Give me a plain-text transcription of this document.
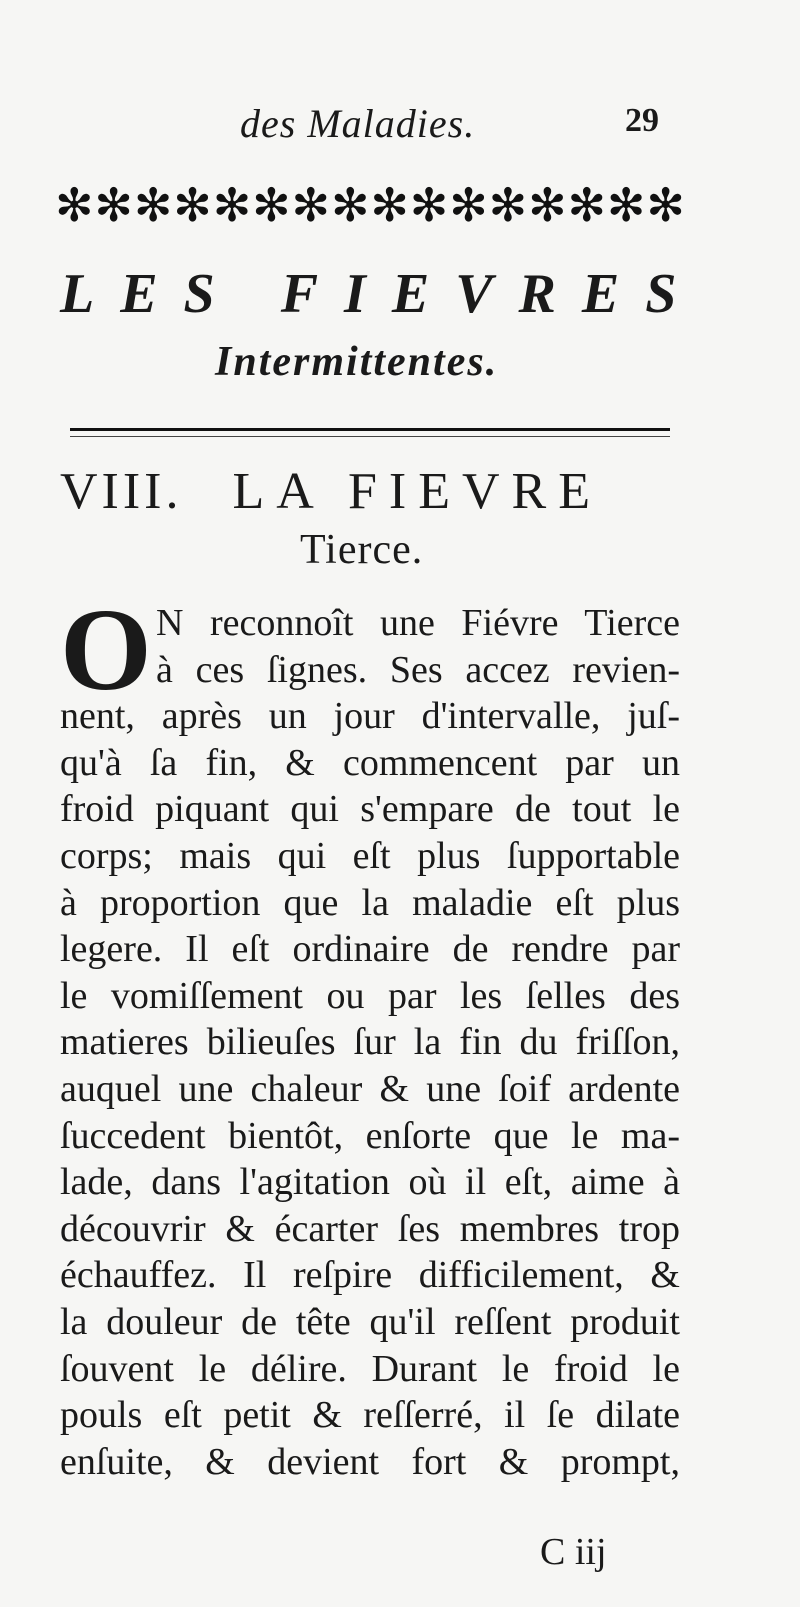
des Maladies.	29
✻ ✻ ✻ ✻ ✻ ✻ ✻ ✻ ✻ ✻ ✻ ✻ ✻ ✻ ✻ ✻
LES FIEVRES
Intermittentes.
VIII. LA FIEVRE
Tierce.
O N reconnoît une Fiévre Tierce
à ces ſignes. Ses accez revien-
nent, après un jour d'intervalle, juſ-
qu'à ſa fin, & commencent par un
froid piquant qui s'empare de tout le
corps; mais qui eſt plus ſupportable
à proportion que la maladie eſt plus
legere. Il eſt ordinaire de rendre par
le vomiſſement ou par les ſelles des
matieres bilieuſes ſur la fin du friſſon,
auquel une chaleur & une ſoif ardente
ſuccedent bientôt, enſorte que le ma-
lade, dans l'agitation où il eſt, aime à
découvrir & écarter ſes membres trop
échauffez. Il reſpire difficilement, &
la douleur de tête qu'il reſſent produit
ſouvent le délire. Durant le froid le
pouls eſt petit & reſſerré, il ſe dilate
enſuite, & devient fort & prompt,
C iij
